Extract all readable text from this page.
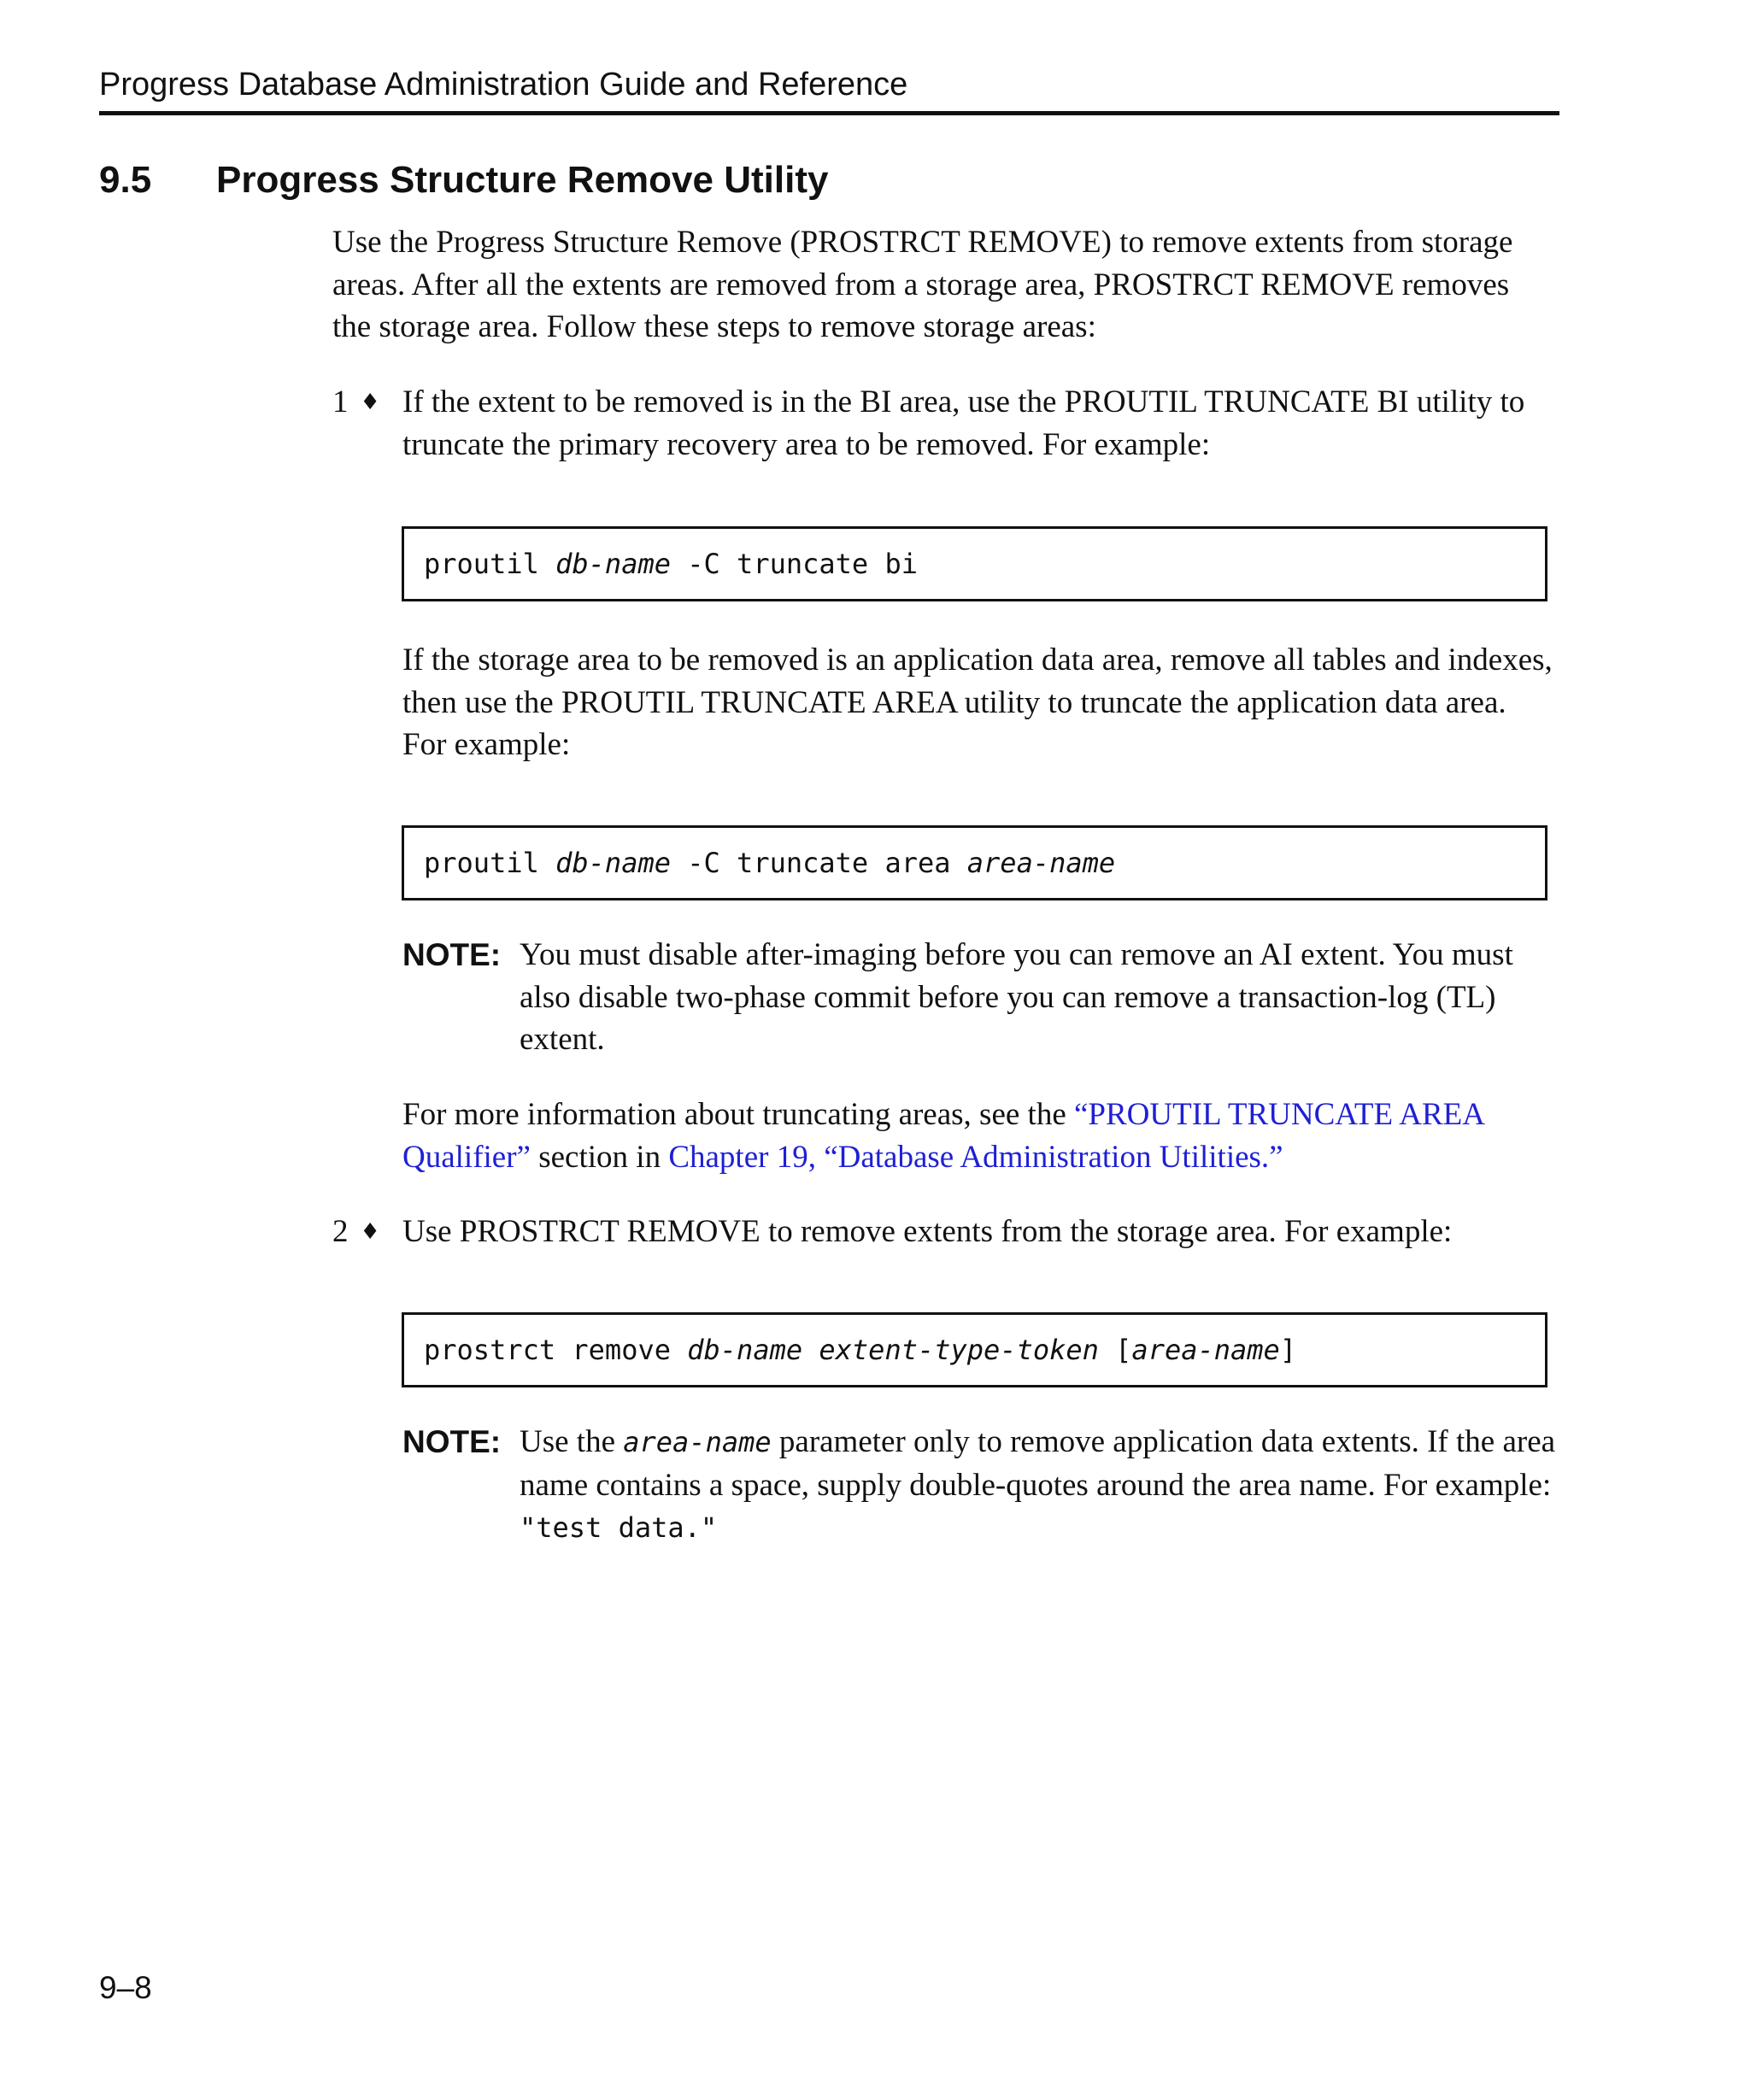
Progress Database Administration Guide and Reference
9.5 Progress Structure Remove Utility

Use the Progress Structure Remove (PROSTRCT REMOVE) to remove extents from storage
areas. After all the extents are removed from a storage area, PROSTRCT REMOVE removes
the storage area. Follow these steps to remove storage areas:

1 ♦ If the extent to be removed is in the BI area, use the PROUTIL TRUNCATE BI utility to
truncate the primary recovery area to be removed. For example:

proutil db-name -C truncate bi

If the storage area to be removed is an application data area, remove all tables and indexes,
then use the PROUTIL TRUNCATE AREA utility to truncate the application data area.
For example:

proutil db-name -C truncate area area-name
NOTE: You must disable after-imaging before you can remove an AI extent. You must
also disable two-phase commit before you can remove a transaction-log (TL)
extent.

For more information about truncating areas, see the “PROUTIL TRUNCATE AREA
Qualifier” section in Chapter 19, “Database Administration Utilities.”

2 ♦ Use PROSTRCT REMOVE to remove extents from the storage area. For example:

prostrct remove db-name
extent-type-token [ area-name ]
NOTE: Use the area-name parameter only to remove application data extents. If the area
name contains a space, supply double-quotes around the area name. For example:
"test data."

9–8
